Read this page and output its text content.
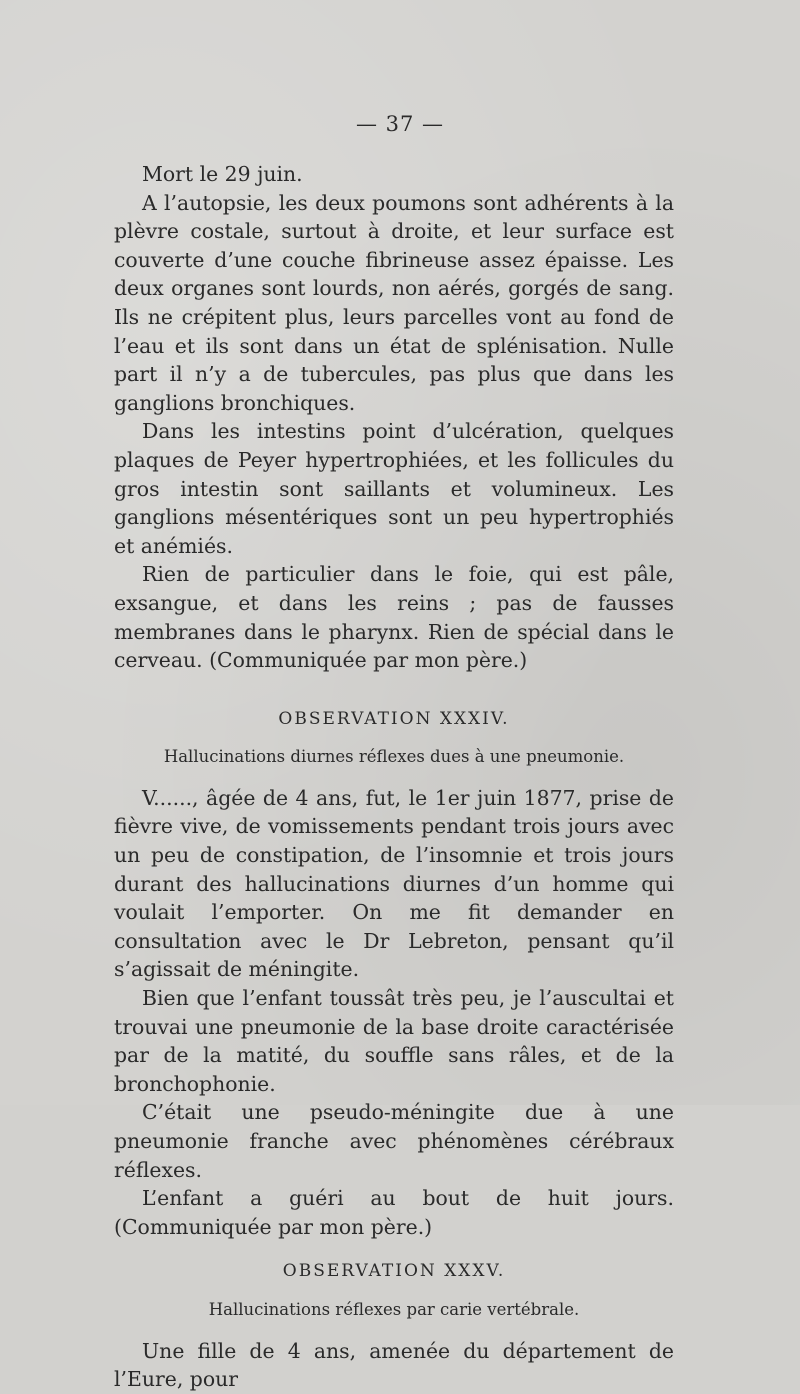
— 37 —

Mort le 29 juin.

A l’autopsie, les deux poumons sont adhérents à la plèvre costale, surtout à droite, et leur surface est couverte d’une couche fibrineuse assez épaisse. Les deux organes sont lourds, non aérés, gorgés de sang. Ils ne crépitent plus, leurs parcelles vont au fond de l’eau et ils sont dans un état de splénisation. Nulle part il n’y a de tubercules, pas plus que dans les ganglions bronchiques.

Dans les intestins point d’ulcération, quelques plaques de Peyer hypertrophiées, et les follicules du gros intestin sont saillants et volumineux. Les ganglions mésentériques sont un peu hypertrophiés et anémiés.

Rien de particulier dans le foie, qui est pâle, exsangue, et dans les reins ; pas de fausses membranes dans le pharynx. Rien de spécial dans le cerveau. (Communiquée par mon père.)

OBSERVATION XXXIV.
Hallucinations diurnes réflexes dues à une pneumonie.

V......, âgée de 4 ans, fut, le 1er juin 1877, prise de fièvre vive, de vomissements pendant trois jours avec un peu de constipation, de l’insomnie et trois jours durant des hallucinations diurnes d’un homme qui voulait l’emporter. On me fit demander en consultation avec le Dr Lebreton, pensant qu’il s’agissait de méningite.

Bien que l’enfant toussât très peu, je l’auscultai et trouvai une pneumonie de la base droite caractérisée par de la matité, du souffle sans râles, et de la bronchophonie.

C’était une pseudo-méningite due à une pneumonie franche avec phénomènes cérébraux réflexes.

L’enfant a guéri au bout de huit jours. (Communiquée par mon père.)

OBSERVATION XXXV.
Hallucinations réflexes par carie vertébrale.

Une fille de 4 ans, amenée du département de l’Eure, pour
